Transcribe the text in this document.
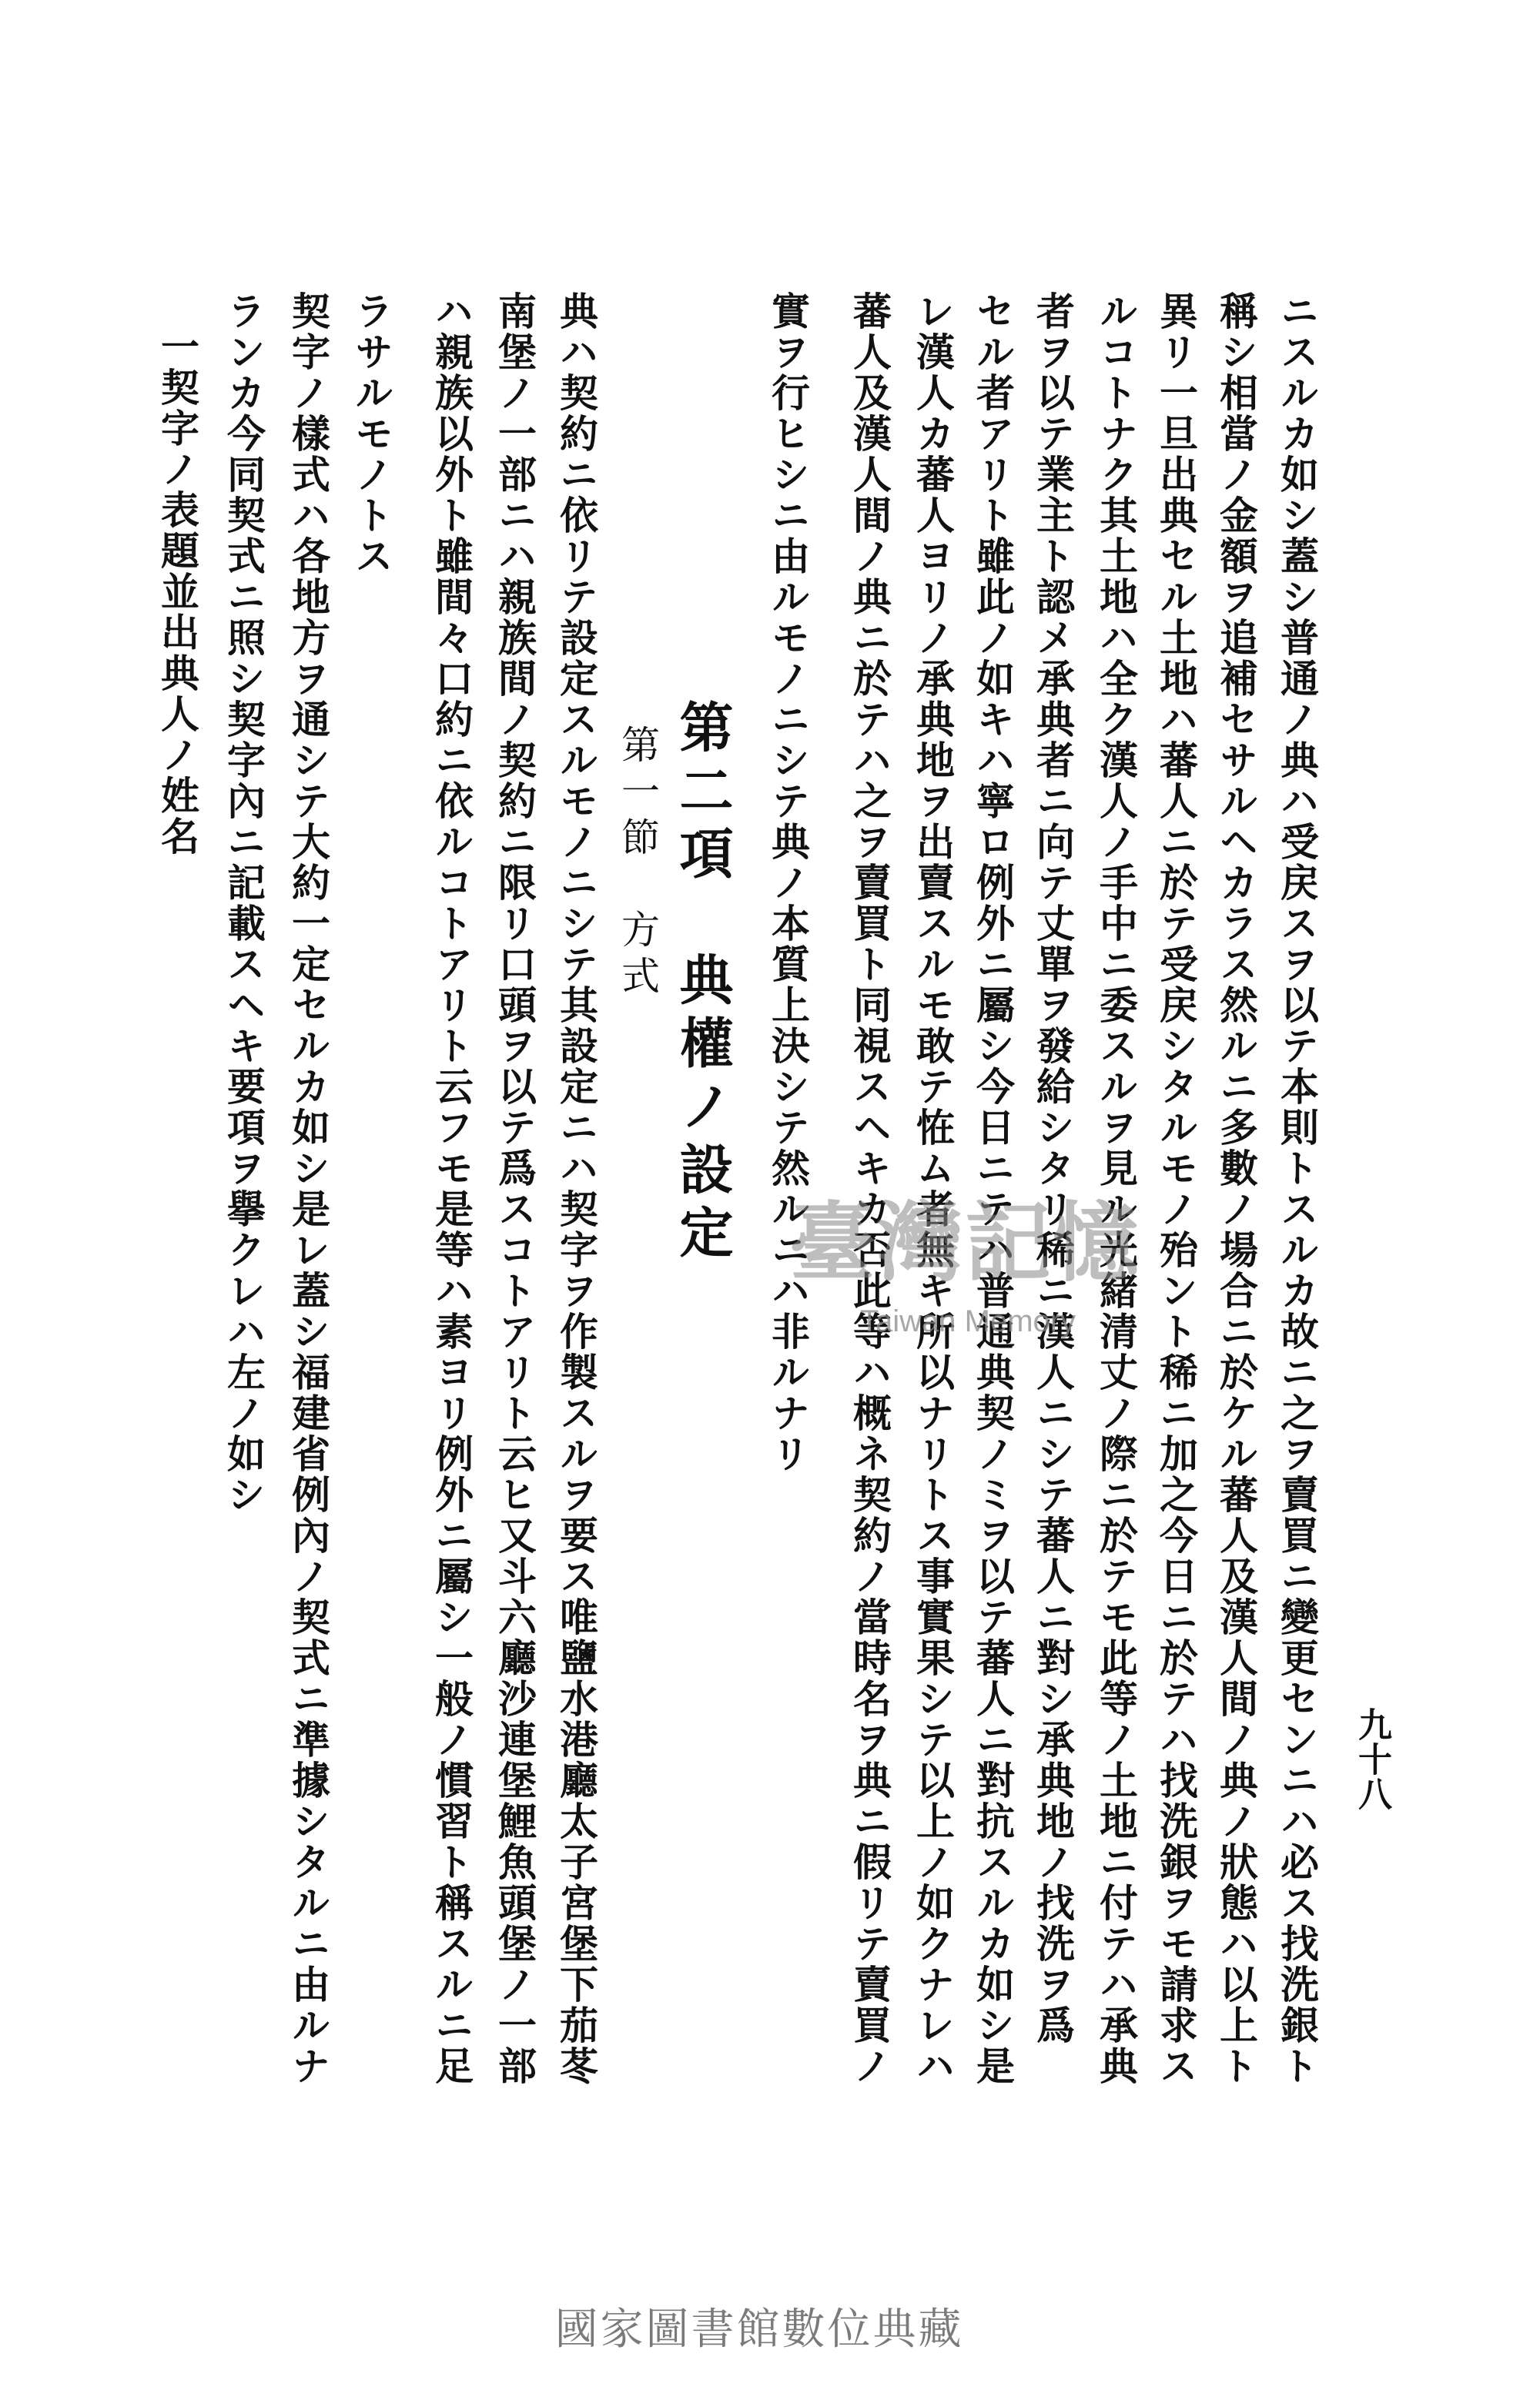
九十八
ニスルカ如シ蓋シ普通ノ典ハ受戻スヲ以テ本則トスルカ故ニ之ヲ賣買ニ變更センニハ必ス找洗銀ト
稱シ相當ノ金額ヲ追補セサルヘカラス然ルニ多數ノ場合ニ於ケル蕃人及漢人間ノ典ノ狀態ハ以上ト
異リ一旦出典セル土地ハ蕃人ニ於テ受戻シタルモノ殆ント稀ニ加之今日ニ於テハ找洗銀ヲモ請求ス
ルコトナク其土地ハ全ク漢人ノ手中ニ委スルヲ見ル光緒清丈ノ際ニ於テモ此等ノ土地ニ付テハ承典
者ヲ以テ業主ト認メ承典者ニ向テ丈單ヲ發給シタリ稀ニ漢人ニシテ蕃人ニ對シ承典地ノ找洗ヲ爲
セル者アリト雖此ノ如キハ寧ロ例外ニ屬シ今日ニテハ普通典契ノミヲ以テ蕃人ニ對抗スルカ如シ是
レ漢人カ蕃人ヨリノ承典地ヲ出賣スルモ敢テ恠ム者無キ所以ナリトス事實果シテ以上ノ如クナレハ
蕃人及漢人間ノ典ニ於テハ之ヲ賣買ト同視スヘキカ否此等ハ概ネ契約ノ當時名ヲ典ニ假リテ賣買ノ
實ヲ行ヒシニ由ルモノニシテ典ノ本質上決シテ然ルニハ非ルナリ
第二項　典權ノ設定
第一節　方式
典ハ契約ニ依リテ設定スルモノニシテ其設定ニハ契字ヲ作製スルヲ要ス唯鹽水港廳太子宮堡下茄苳
南堡ノ一部ニハ親族間ノ契約ニ限リ口頭ヲ以テ爲スコトアリト云ヒ又斗六廳沙連堡鯉魚頭堡ノ一部
ハ親族以外ト雖間々口約ニ依ルコトアリト云フモ是等ハ素ヨリ例外ニ屬シ一般ノ慣習ト稱スルニ足
ラサルモノトス
契字ノ樣式ハ各地方ヲ通シテ大約一定セルカ如シ是レ蓋シ福建省例內ノ契式ニ準據シタルニ由ルナ
ランカ今同契式ニ照シ契字內ニ記載スヘキ要項ヲ擧クレハ左ノ如シ
一契字ノ表題並出典人ノ姓名
臺灣記憶
Taiwan Memory
國家圖書館數位典藏
